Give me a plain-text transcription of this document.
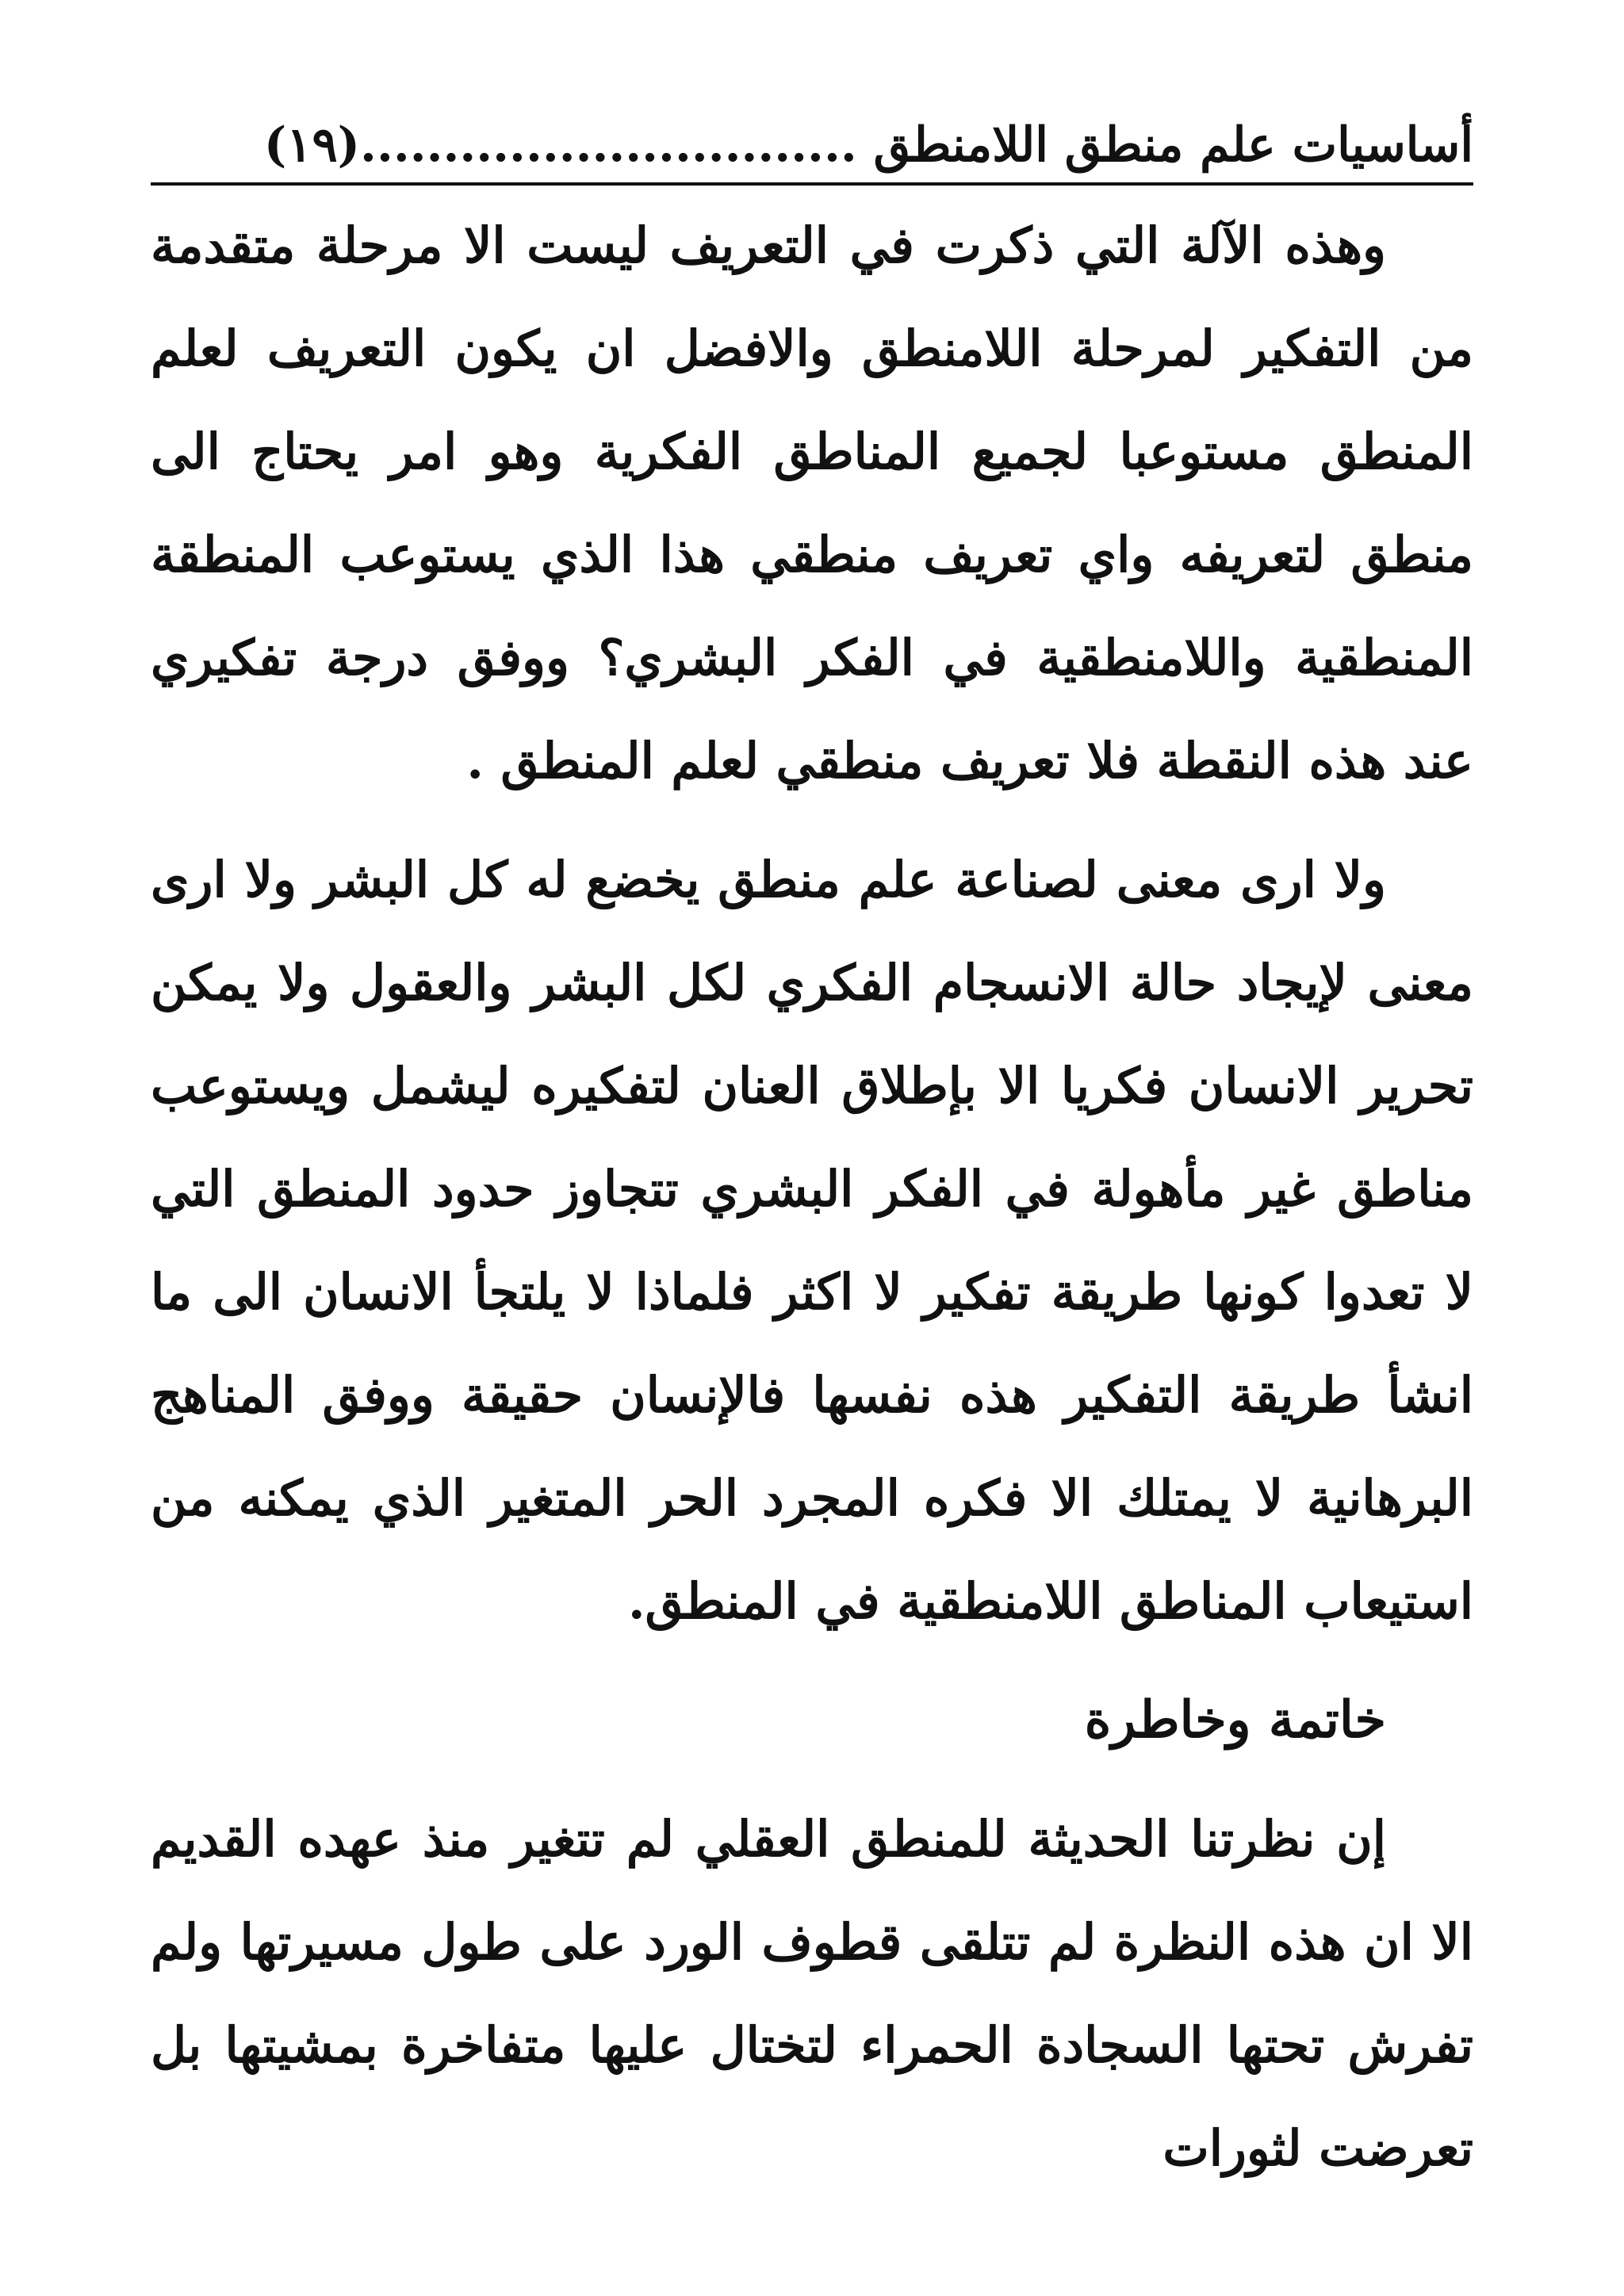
أساسيات علم منطق اللامنطق ..............................(١٩)

وهذه الآلة التي ذكرت في التعريف ليست الا مرحلة متقدمة من التفكير لمرحلة اللامنطق والافضل ان يكون التعريف لعلم المنطق مستوعبا لجميع المناطق الفكرية وهو امر يحتاج الى منطق لتعريفه واي تعريف منطقي هذا الذي يستوعب المنطقة المنطقية واللامنطقية في الفكر البشري؟ ووفق درجة تفكيري عند هذه النقطة فلا تعريف منطقي لعلم المنطق .

ولا ارى معنى لصناعة علم منطق يخضع له كل البشر ولا ارى معنى لإيجاد حالة الانسجام الفكري لكل البشر والعقول ولا يمكن تحرير الانسان فكريا الا بإطلاق العنان لتفكيره ليشمل ويستوعب مناطق غير مأهولة في الفكر البشري تتجاوز حدود المنطق التي لا تعدوا كونها طريقة تفكير لا اكثر فلماذا لا يلتجأ الانسان الى ما انشأ طريقة التفكير هذه نفسها فالإنسان حقيقة ووفق المناهج البرهانية لا يمتلك الا فكره المجرد الحر المتغير الذي يمكنه من استيعاب المناطق اللامنطقية في المنطق.

خاتمة وخاطرة

إن نظرتنا الحديثة للمنطق العقلي لم تتغير منذ عهده القديم الا ان هذه النظرة لم تتلقى قطوف الورد على طول مسيرتها ولم تفرش تحتها السجادة الحمراء لتختال عليها متفاخرة بمشيتها بل تعرضت لثورات
